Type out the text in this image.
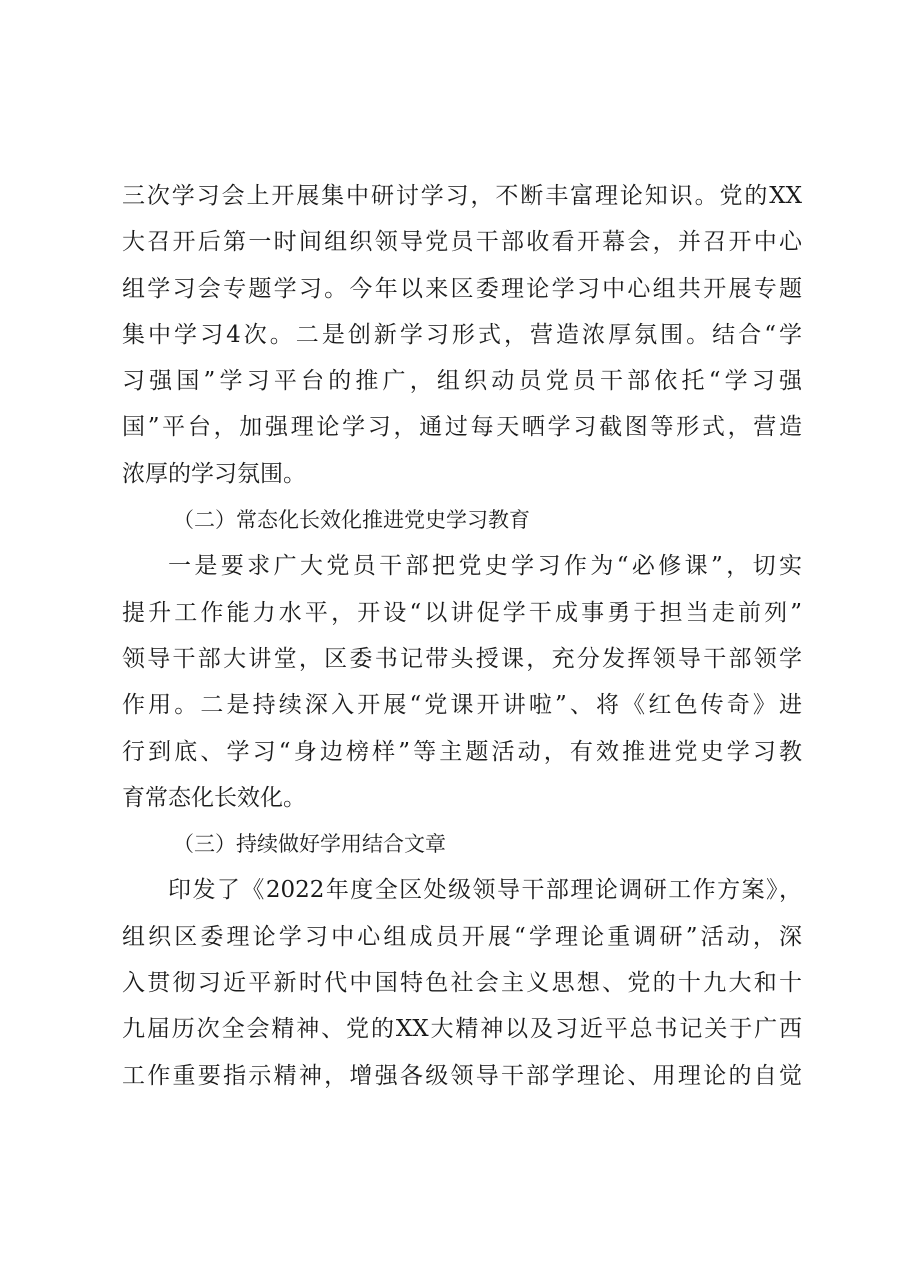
三次学习会上开展集中研讨学习，不断丰富理论知识。党的XX
大召开后第一时间组织领导党员干部收看开幕会，并召开中心
组学习会专题学习。今年以来区委理论学习中心组共开展专题
集中学习4次。二是创新学习形式，营造浓厚氛围。结合“学
习强国”学习平台的推广，组织动员党员干部依托“学习强
国”平台，加强理论学习，通过每天晒学习截图等形式，营造
浓厚的学习氛围。
（二）常态化长效化推进党史学习教育
一是要求广大党员干部把党史学习作为“必修课”，切实
提升工作能力水平，开设“以讲促学干成事勇于担当走前列”
领导干部大讲堂，区委书记带头授课，充分发挥领导干部领学
作用。二是持续深入开展“党课开讲啦”、将《红色传奇》进
行到底、学习“身边榜样”等主题活动，有效推进党史学习教
育常态化长效化。
（三）持续做好学用结合文章
印发了《2022年度全区处级领导干部理论调研工作方案》，
组织区委理论学习中心组成员开展“学理论重调研”活动，深
入贯彻习近平新时代中国特色社会主义思想、党的十九大和十
九届历次全会精神、党的XX大精神以及习近平总书记关于广西
工作重要指示精神，增强各级领导干部学理论、用理论的自觉
